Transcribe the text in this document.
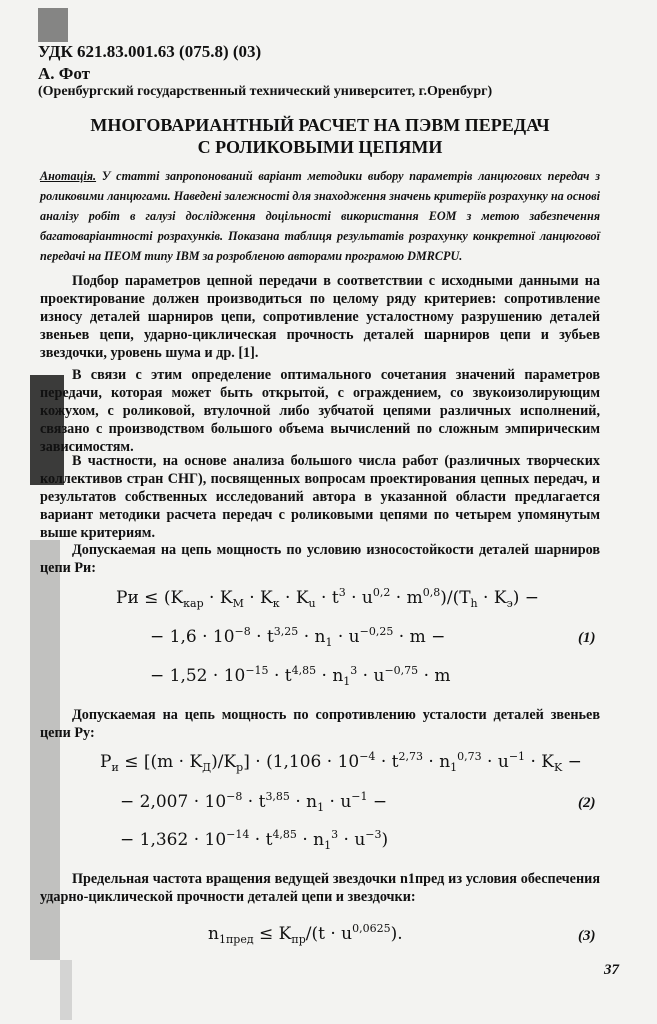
УДК 621.83.001.63 (075.8) (03)
А. Фот
(Оренбургский государственный технический университет, г.Оренбург)
МНОГОВАРИАНТНЫЙ РАСЧЕТ НА ПЭВМ ПЕРЕДАЧ
С РОЛИКОВЫМИ ЦЕПЯМИ
Анотація. У статті запропонований варіант методики вибору параметрів ланцюгових передач з роликовими ланцюгами. Наведені залежності для знаходження значень критеріїв розрахунку на основі аналізу робіт в галузі дослідження доцільності використання ЕОМ з метою забезпечення багатоваріантності розрахунків. Показана таблиця результатів розрахунку конкретної ланцюгової передачі на ПЕОМ типу IBM за розробленою авторами програмою DMRCPU.
Подбор параметров цепной передачи в соответствии с исходными данными на проектирование должен производиться по целому ряду критериев: сопротивление износу деталей шарниров цепи, сопротивление усталостному разрушению деталей звеньев цепи, ударно-циклическая прочность деталей шарниров цепи и зубьев звездочки, уровень шума и др. [1].
В связи с этим определение оптимального сочетания значений параметров передачи, которая может быть открытой, с ограждением, со звукоизолирующим кожухом, с роликовой, втулочной либо зубчатой цепями различных исполнений, связано с производством большого объема вычислений по сложным эмпирическим зависимостям.
В частности, на основе анализа большого числа работ (различных творческих коллективов стран СНГ), посвященных вопросам проектирования цепных передач, и результатов собственных исследований автора в указанной области предлагается вариант методики расчета передач с роликовыми цепями по четырем упомянутым выше критериям.
Допускаемая на цепь мощность по условию износостойкости деталей шарниров цепи Ри:
Pи ≤ $(K_{кар} \cdot K_М \cdot K_к \cdot K_u \cdot t^3 \cdot u^{0,2} \cdot m^{0,8})/(T_h \cdot K_э)$ −
− $1,6 \cdot 10^{-8} \cdot t^{3,25} \cdot n_1 \cdot u^{-0,25} \cdot m$ −
− $1,52 \cdot 10^{-15} \cdot t^{4,85} \cdot n_1^3 \cdot u^{-0,75} \cdot m$
(1)
Допускаемая на цепь мощность по сопротивлению усталости деталей звеньев цепи Ру:
$P_и \le [(m \cdot K_Д)/K_p] \cdot (1,106 \cdot 10^{-4} \cdot t^{2,73} \cdot n_1^{0,73} \cdot u^{-1} \cdot K_K$ −
− $2,007 \cdot 10^{-8} \cdot t^{3,85} \cdot n_1 \cdot u^{-1}$ −
− $1,362 \cdot 10^{-14} \cdot t^{4,85} \cdot n_1^3 \cdot u^{-3}$)
(2)
Предельная частота вращения ведущей звездочки n1пред из условия обеспечения ударно-циклической прочности деталей цепи и звездочки:
$n_{1пред} \le K_{пр}/(t \cdot u^{0,0625})$.	(3)
37
